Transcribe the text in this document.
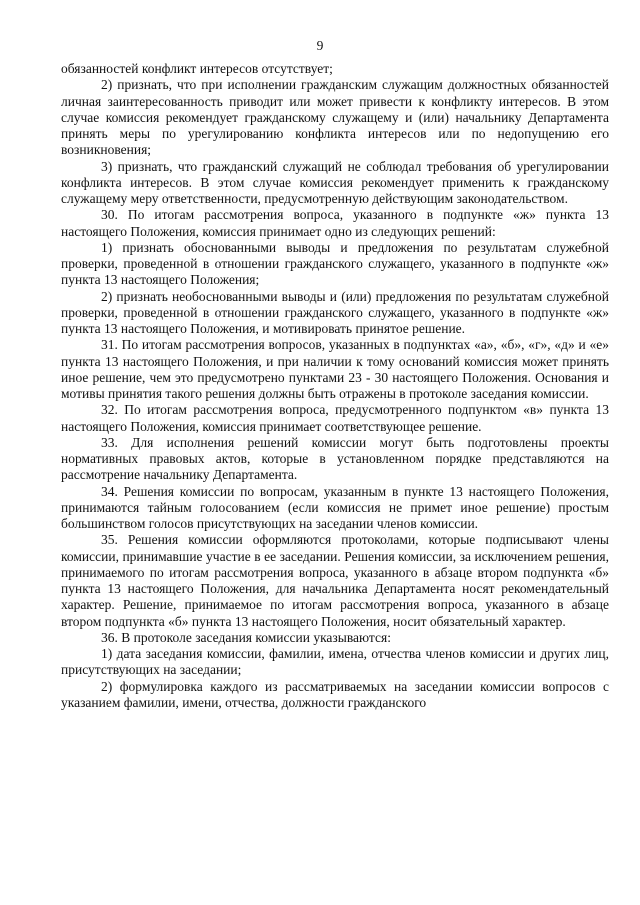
9

обязанностей конфликт интересов отсутствует;

2) признать, что при исполнении гражданским служащим должностных обязанностей личная заинтересованность приводит или может привести к конфликту интересов. В этом случае комиссия рекомендует гражданскому служащему и (или) начальнику Департамента принять меры по урегулированию конфликта интересов или по недопущению его возникновения;

3) признать, что гражданский служащий не соблюдал требования об урегулировании конфликта интересов. В этом случае комиссия рекомендует применить к гражданскому служащему меру ответственности, предусмотренную действующим законодательством.

30. По итогам рассмотрения вопроса, указанного в подпункте «ж» пункта 13 настоящего Положения, комиссия принимает одно из следующих решений:

1) признать обоснованными выводы и предложения по результатам служебной проверки, проведенной в отношении гражданского служащего, указанного в подпункте «ж» пункта 13 настоящего Положения;

2) признать необоснованными выводы и (или) предложения по результатам служебной проверки, проведенной в отношении гражданского служащего, указанного в подпункте «ж» пункта 13 настоящего Положения, и мотивировать принятое решение.

31. По итогам рассмотрения вопросов, указанных в подпунктах «а», «б», «г», «д» и «е» пункта 13 настоящего Положения, и при наличии к тому оснований комиссия может принять иное решение, чем это предусмотрено пунктами 23 - 30 настоящего Положения. Основания и мотивы принятия такого решения должны быть отражены в протоколе заседания комиссии.

32. По итогам рассмотрения вопроса, предусмотренного подпунктом «в» пункта 13 настоящего Положения, комиссия принимает соответствующее решение.

33. Для исполнения решений комиссии могут быть подготовлены проекты нормативных правовых актов, которые в установленном порядке представляются на рассмотрение начальнику Департамента.

34. Решения комиссии по вопросам, указанным в пункте 13 настоящего Положения, принимаются тайным голосованием (если комиссия не примет иное решение) простым большинством голосов присутствующих на заседании членов комиссии.

35. Решения комиссии оформляются протоколами, которые подписывают члены комиссии, принимавшие участие в ее заседании. Решения комиссии, за исключением решения, принимаемого по итогам рассмотрения вопроса, указанного в абзаце втором подпункта «б» пункта 13 настоящего Положения, для начальника Департамента носят рекомендательный характер. Решение, принимаемое по итогам рассмотрения вопроса, указанного в абзаце втором подпункта «б» пункта 13 настоящего Положения, носит обязательный характер.

36. В протоколе заседания комиссии указываются:

1) дата заседания комиссии, фамилии, имена, отчества членов комиссии и других лиц, присутствующих на заседании;

2) формулировка каждого из рассматриваемых на заседании комиссии вопросов с указанием фамилии, имени, отчества, должности гражданского
